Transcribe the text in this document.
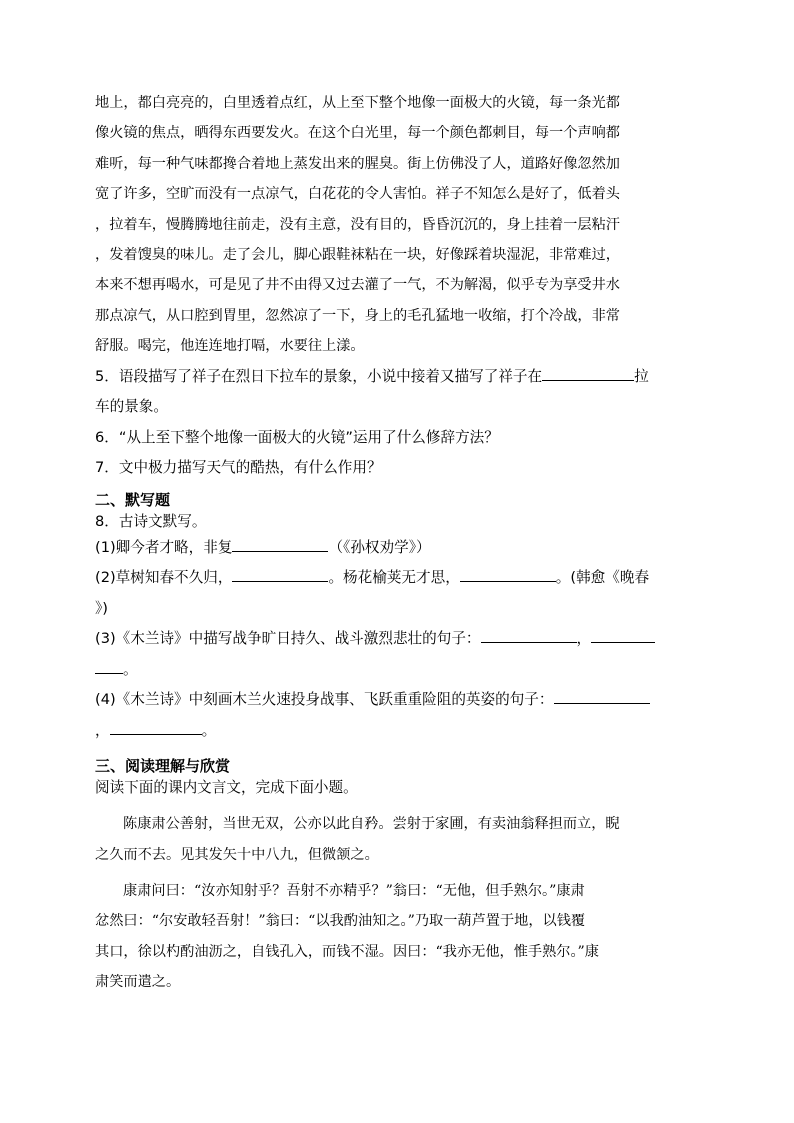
地上，都白亮亮的，白里透着点红，从上至下整个地像一面极大的火镜，每一条光都

像火镜的焦点，晒得东西要发火。在这个白光里，每一个颜色都刺目，每一个声响都

难听，每一种气味都搀合着地上蒸发出来的腥臭。街上仿佛没了人，道路好像忽然加

宽了许多，空旷而没有一点凉气，白花花的令人害怕。祥子不知怎么是好了，低着头

，拉着车，慢腾腾地往前走，没有主意，没有目的，昏昏沉沉的，身上挂着一层粘汗

，发着馊臭的味儿。走了会儿，脚心跟鞋袜粘在一块，好像踩着块湿泥，非常难过，

本来不想再喝水，可是见了井不由得又过去灌了一气，不为解渴，似乎专为享受井水

那点凉气，从口腔到胃里，忽然凉了一下，身上的毛孔猛地一收缩，打个冷战，非常

舒服。喝完，他连连地打嗝，水要往上漾。

5．语段描写了祥子在烈日下拉车的景象，小说中接着又描写了祥子在	拉

车的景象。

6．“从上至下整个地像一面极大的火镜”运用了什么修辞方法？

7．文中极力描写天气的酷热，有什么作用？

二、默写题

8．古诗文默写。

(1)卿今者才略，非复	（《孙权劝学》）

(2)草树知春不久归，	。杨花榆荚无才思，	。(韩愈《晚春

》)

(3)《木兰诗》中描写战争旷日持久、战斗激烈悲壮的句子：	，

。

(4)《木兰诗》中刻画木兰火速投身战事、飞跃重重险阻的英姿的句子：

，	。

三、阅读理解与欣赏

阅读下面的课内文言文，完成下面小题。

陈康肃公善射，当世无双，公亦以此自矜。尝射于家圃，有卖油翁释担而立，睨

之久而不去。见其发矢十中八九，但微颔之。

康肃问曰：“汝亦知射乎？吾射不亦精乎？”翁曰：“无他，但手熟尔。”康肃

忿然曰：“尔安敢轻吾射！”翁曰：“以我酌油知之。”乃取一葫芦置于地，以钱覆

其口，徐以杓酌油沥之，自钱孔入，而钱不湿。因曰：“我亦无他，惟手熟尔。”康

肃笑而遣之。
